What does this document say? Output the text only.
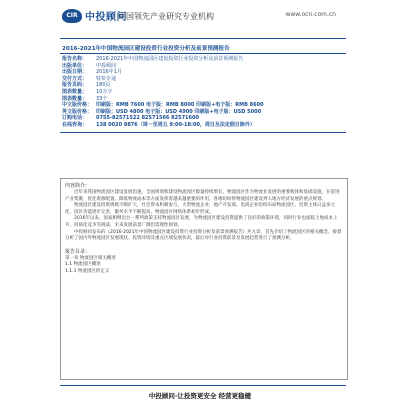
CIR 中投顾问
中国领先产业研究专业机构	www.ocn.com.cn
2016-2021年中国物流园区建设投资行业投资分析及前景预测报告
报告名称：	2016-2021年中国物流园区建设投资行业投资分析及前景预测报告
出版单位：	中投顾问
出版日期：	2016年1月
交付方式：	特快专递
报告页码：	180页
图表数量：	10万字
图表数量：	33个
中文版价格： 印刷版：RMB 7600 电子版：RMB 8000 印刷版+电子版：RMB 8600
英文版价格： 印刷版：USD 4800 电子版：USD 4900 印刷版+电子版：USD 5000
订购电话：	0755-82571522 82571566 82571600
在线咨询：	138 0020 8876（周一至周五 9:00-18:00，周日及法定假日除外）
内容简介：

近年来我国物流园区建设发展迅速，全国规划和建设物流园区数量持续增长，物流园区作为物流业发展的重要载体和基础设施，在促进产业集聚、优化资源配置、降低物流成本等方面发挥着越来越重要的作用，各地纷纷将物流园区建设列入地方经济发展的重点规划。

物流园区建设投资规模不断扩大，社会资本积极参与，大型物流企业、地产开发商、电商企业纷纷布局物流园区，投资主体日益多元化，园区功能逐步完善，服务水平不断提高，物流园区网络体系初步形成。

2016年以来，国家相继出台一系列政策支持物流园区发展，为物流园区建设投资提供了良好的政策环境，同时行业也面临土地成本上升、同质化竞争等挑战，未来发展前景广阔但需理性规划。

中投顾问发布的《2016-2021年中国物流园区建设投资行业投资分析及前景预测报告》共九章，首先介绍了物流园区的相关概念，接着分析了国内外物流园区发展现状、投资环境及重点区域发展状况，最后对行业投资前景及发展趋势进行了预测分析。

报告目录：
第一章 物流园区相关概述
1.1 物流园区概述
1.1.1 物流园区的定义
中投顾问·让投资更安全 经营更稳健
